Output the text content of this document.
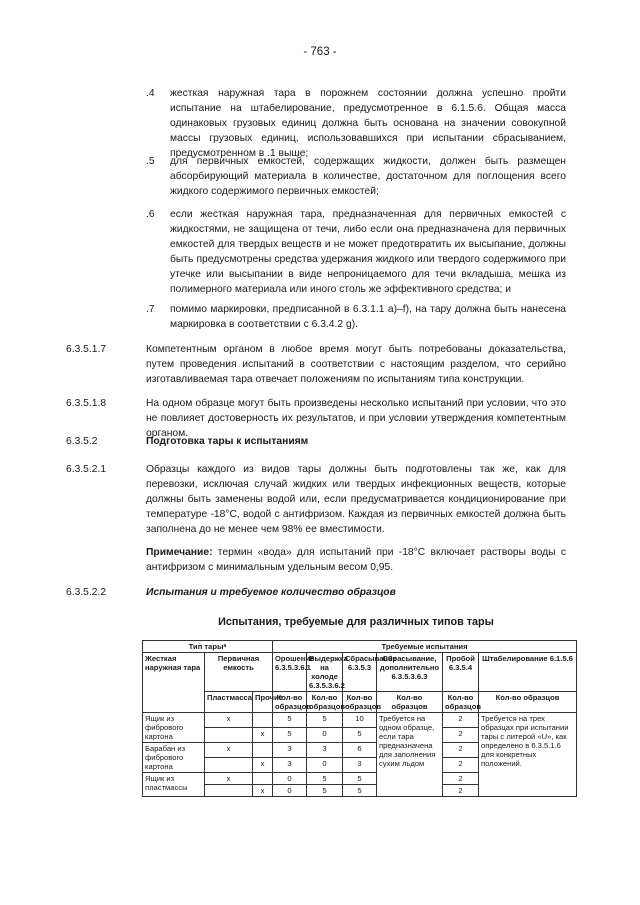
- 763 -
.4 жесткая наружная тара в порожнем состоянии должна успешно пройти испытание на штабелирование, предусмотренное в 6.1.5.6. Общая масса одинаковых грузовых единиц должна быть основана на значении совокупной массы грузовых единиц, использовавшихся при испытании сбрасыванием, предусмотренном в .1 выше;
.5 для первичных емкостей, содержащих жидкости, должен быть размещен абсорбирующий материала в количестве, достаточном для поглощения всего жидкого содержимого первичных емкостей;
.6 если жесткая наружная тара, предназначенная для первичных емкостей с жидкостями, не защищена от течи, либо если она предназначена для первичных емкостей для твердых веществ и не может предотвратить их высыпание, должны быть предусмотрены средства удержания жидкого или твердого содержимого при утечке или высыпании в виде непроницаемого для течи вкладыша, мешка из полимерного материала или иного столь же эффективного средства; и
.7 помимо маркировки, предписанной в 6.3.1.1 a)–f), на тару должна быть нанесена маркировка в соответствии с 6.3.4.2 g).
6.3.5.1.7	Компетентным органом в любое время могут быть потребованы доказательства, путем проведения испытаний в соответствии с настоящим разделом, что серийно изготавливаемая тара отвечает положениям по испытаниям типа конструкции.
6.3.5.1.8	На одном образце могут быть произведены несколько испытаний при условии, что это не повлияет достоверность их результатов, и при условии утверждения компетентным органом.
6.3.5.2	Подготовка тары к испытаниям
6.3.5.2.1	Образцы каждого из видов тары должны быть подготовлены так же, как для перевозки, исключая случай жидких или твердых инфекционных веществ, которые должны быть заменены водой или, если предусматривается кондиционирование при температуре -18°С, водой с антифризом. Каждая из первичных емкостей должна быть заполнена до не менее чем 98% ее вместимости.
Примечание: термин «вода» для испытаний при -18°С включает растворы воды с антифризом с минимальным удельным весом 0,95.
6.3.5.2.2	Испытания и требуемое количество образцов
Испытания, требуемые для различных типов тары
Тип тарыᵃ			Требуемые испытания					
Жесткая наружная тара	Первичная емкость		Орошение 6.3.5.3.6.1	Выдержка на холоде 6.3.5.3.6.2	Сбрасывание 6.3.5.3	Сбрасывание, дополнительно 6.3.5.3.6.3	Пробой 6.3.5.4	Штабелирование 6.1.5.6
	Пластмасса	Прочие	Кол-во образцов	Кол-во образцов	Кол-во образцов	Кол-во образцов	Кол-во образцов	Кол-во образцов
Ящик из фибрового картона	x		5	5	10	Требуется на одном образце, если тара предназначена для заполнения сухим льдом	2	Требуется на трех образцах при испытании тары с литерой «U», как определено в 6.3.5.1.6 для конкретных положений.
		x	5	0	5		2	
Барабан из фибрового картона	x		3	3	6		2	
		x	3	0	3		2	
Ящик из пластмассы	x		0	5	5		2	
		x	0	5	5		2	
